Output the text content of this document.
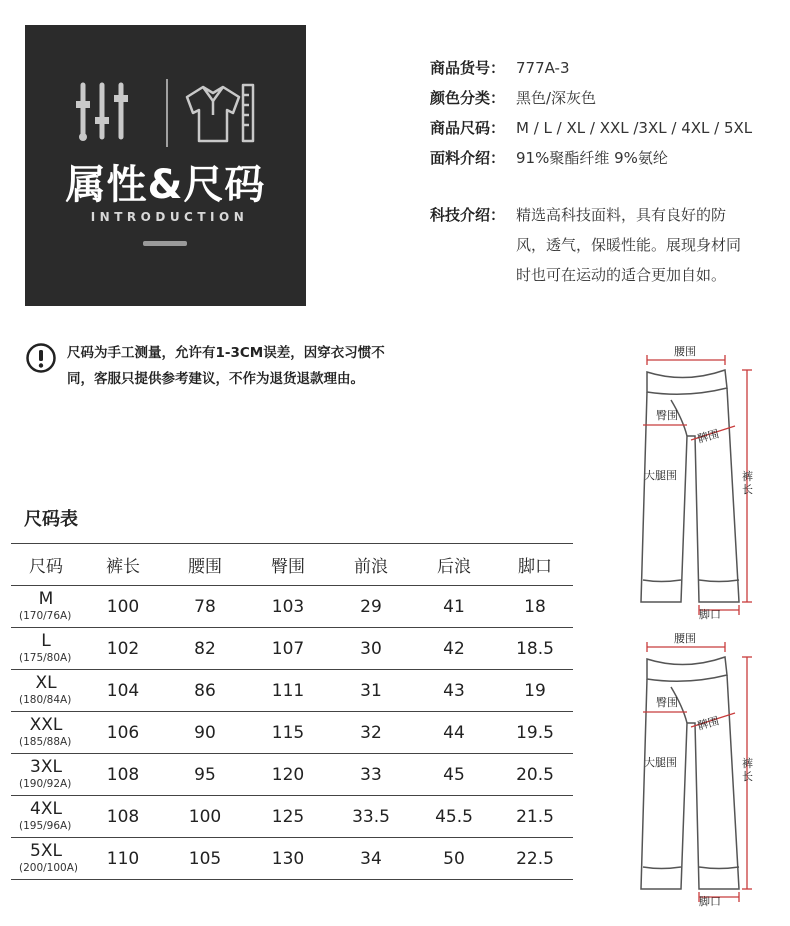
属性&尺码
INTRODUCTION
商品货号： 777A-3
颜色分类： 黑色/深灰色
商品尺码： M / L / XL / XXL /3XL / 4XL / 5XL
面料介绍： 91%聚酯纤维 9%氨纶
科技介绍： 精选高科技面料，具有良好的防风，透气，保暖性能。展现身材同时也可在运动的适合更加自如。
尺码为手工测量，允许有1-3CM误差，因穿衣习惯不同，客服只提供参考建议，不作为退货退款理由。
尺码表
尺码	裤长	腰围	臀围	前浪	后浪	脚口

M
(170/76A)	100	78	103	29	41	18

L
(175/80A)	102	82	107	30	42	18.5

XL
(180/84A)	104	86	111	31	43	19

XXL
(185/88A)	106	90	115	32	44	19.5

3XL
(190/92A)	108	95	120	33	45	20.5

4XL
(195/96A)	108	100	125	33.5	45.5	21.5

5XL
(200/100A)	110	105	130	34	50	22.5
腰围
臀围
髀围
大腿围	裤长
脚口
腰围
臀围
髀围
大腿围	裤长
脚口
